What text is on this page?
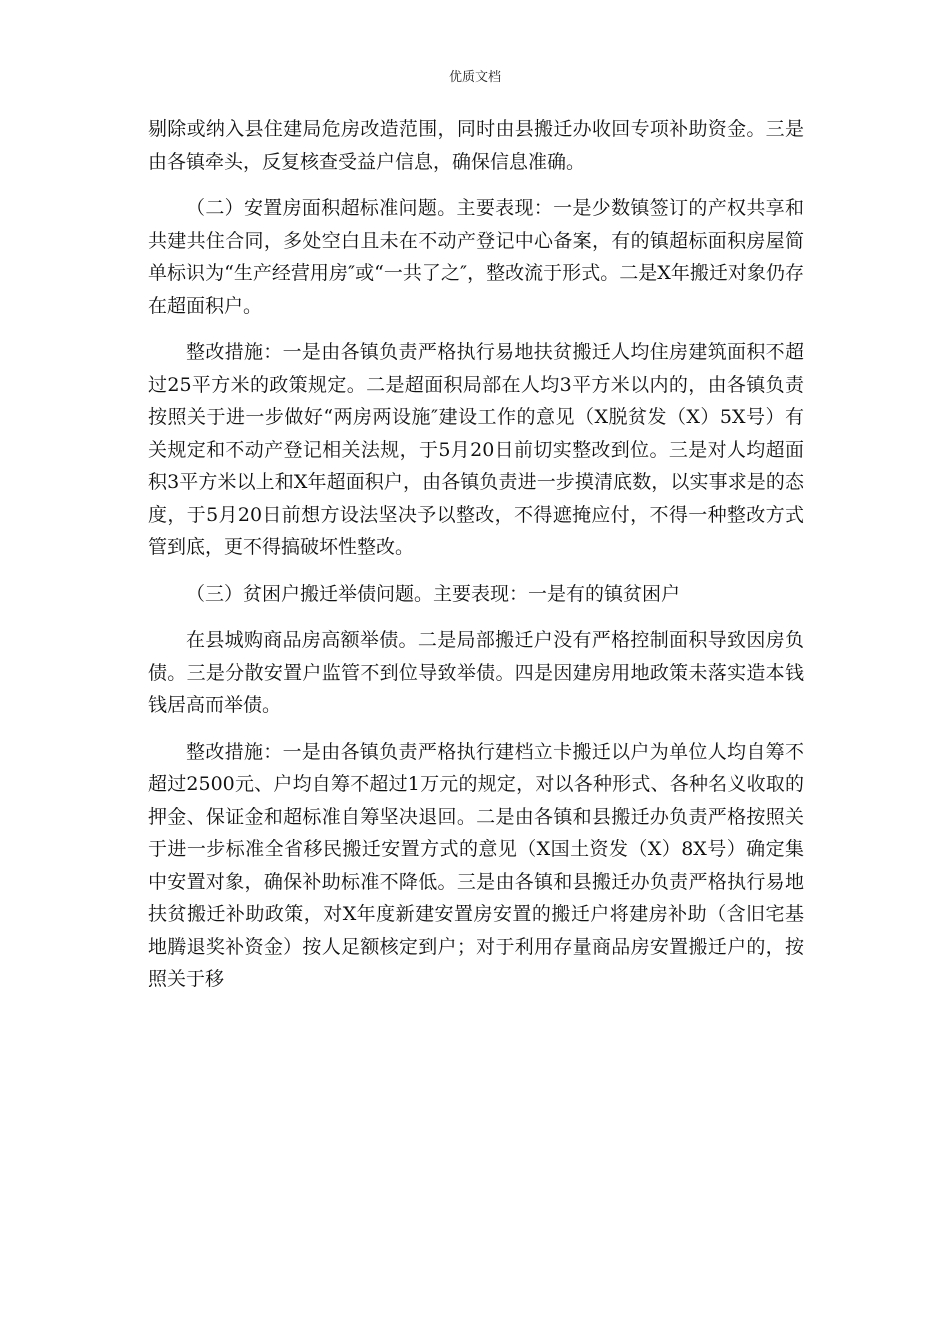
优质文档

剔除或纳入县住建局危房改造范围，同时由县搬迁办收回专项补助资金。三是由各镇牵头，反复核查受益户信息，确保信息准确。

（二）安置房面积超标准问题。主要表现：一是少数镇签订的产权共享和共建共住合同，多处空白且未在不动产登记中心备案，有的镇超标面积房屋简单标识为“生产经营用房″或“一共了之″，整改流于形式。二是X年搬迁对象仍存在超面积户。

整改措施：一是由各镇负责严格执行易地扶贫搬迁人均住房建筑面积不超过25平方米的政策规定。二是超面积局部在人均3平方米以内的，由各镇负责按照关于进一步做好“两房两设施″建设工作的意见（X脱贫发（X）5X号）有关规定和不动产登记相关法规，于5月20日前切实整改到位。三是对人均超面积3平方米以上和X年超面积户，由各镇负责进一步摸清底数，以实事求是的态度，于5月20日前想方设法坚决予以整改，不得遮掩应付，不得一种整改方式管到底，更不得搞破坏性整改。

（三）贫困户搬迁举债问题。主要表现：一是有的镇贫困户

在县城购商品房高额举债。二是局部搬迁户没有严格控制面积导致因房负债。三是分散安置户监管不到位导致举债。四是因建房用地政策未落实造本钱钱居高而举债。

整改措施：一是由各镇负责严格执行建档立卡搬迁以户为单位人均自筹不超过2500元、户均自筹不超过1万元的规定，对以各种形式、各种名义收取的押金、保证金和超标准自筹坚决退回。二是由各镇和县搬迁办负责严格按照关于进一步标准全省移民搬迁安置方式的意见（X国土资发（X）8X号）确定集中安置对象，确保补助标准不降低。三是由各镇和县搬迁办负责严格执行易地扶贫搬迁补助政策，对X年度新建安置房安置的搬迁户将建房补助（含旧宅基地腾退奖补资金）按人足额核定到户；对于利用存量商品房安置搬迁户的，按照关于移
